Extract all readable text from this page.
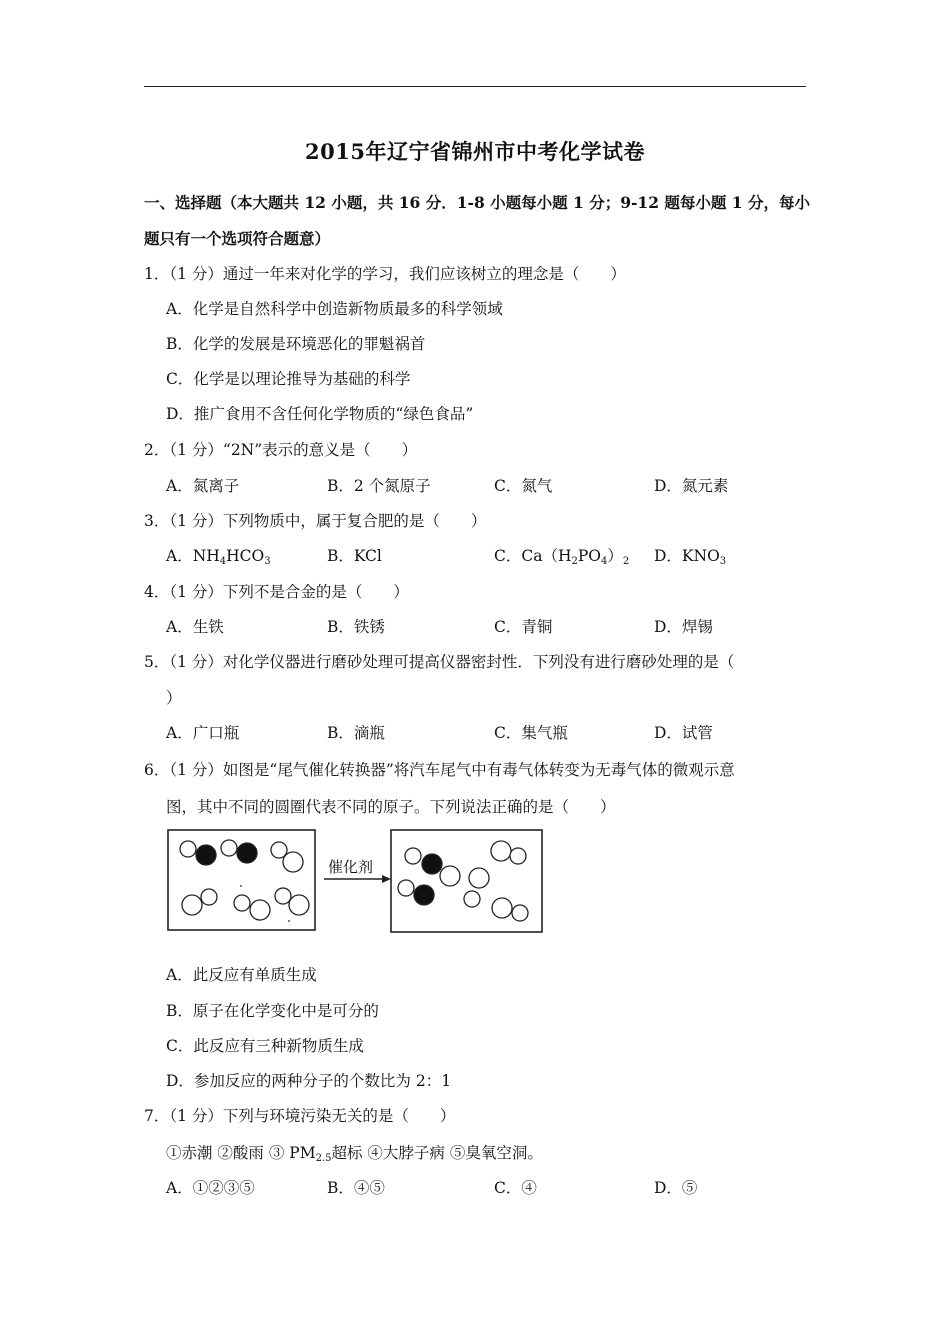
2015年辽宁省锦州市中考化学试卷
一、选择题（本大题共 12 小题，共 16 分．1-8 小题每小题 1 分；9-12 题每小题 1 分，每小
题只有一个选项符合题意）
1．（1 分）通过一年来对化学的学习，我们应该树立的理念是（　　）
A．化学是自然科学中创造新物质最多的科学领域
B．化学的发展是环境恶化的罪魁祸首
C．化学是以理论推导为基础的科学
D．推广食用不含任何化学物质的“绿色食品”
2．（1 分）“2N”表示的意义是（　　）
A．氮离子	B．2 个氮原子	C．氮气	D．氮元素
3．（1 分）下列物质中，属于复合肥的是（　　）
A．$NH_4HCO_3$	B．KCl	C．$Ca(H_2PO_4)_2$ D．$KNO_3$
4．（1 分）下列不是合金的是（　　）
A．生铁	B．铁锈	C．青铜	D．焊锡
5．（1 分）对化学仪器进行磨砂处理可提高仪器密封性．下列没有进行磨砂处理的是（
）
A．广口瓶	B．滴瓶	C．集气瓶	D．试管
6．（1 分）如图是“尾气催化转换器”将汽车尾气中有毒气体转变为无毒气体的微观示意
图，其中不同的圆圈代表不同的原子。下列说法正确的是（　　）
催化剂
A．此反应有单质生成
B．原子在化学变化中是可分的
C．此反应有三种新物质生成
D．参加反应的两种分子的个数比为 2：1
7．（1 分）下列与环境污染无关的是（　　）
①赤潮 ②酸雨 ③ $PM_{2.5}$超标 ④大脖子病 ⑤臭氧空洞。
A．①②③⑤	B．④⑤	C．④	D．⑤
